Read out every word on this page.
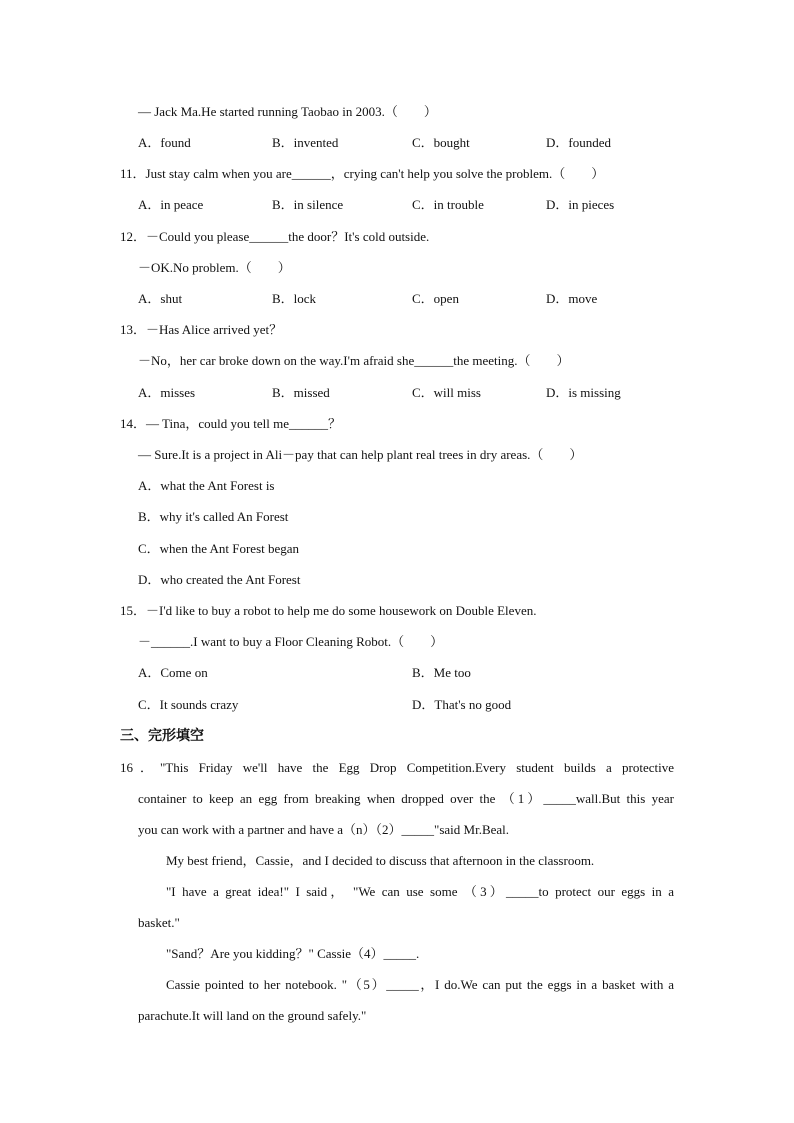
— Jack Ma.He started running Taobao in 2003.（　　）
A．found	B．invented	C．bought	D．founded
11．Just stay calm when you are______，crying can't help you solve the problem.（　　）
A．in peace	B．in silence	C．in trouble	D．in pieces
12．－Could you please______the door？It's cold outside.
－OK.No problem.（　　）
A．shut	B．lock	C．open	D．move
13．－Has Alice arrived yet？
－No，her car broke down on the way.I'm afraid she______the meeting.（　　）
A．misses	B．missed	C．will miss	D．is missing
14．— Tina，could you tell me______？
— Sure.It is a project in Ali－pay that can help plant real trees in dry areas.（　　）
A．what the Ant Forest is
B．why it's called An Forest
C．when the Ant Forest began
D．who created the Ant Forest
15．－I'd like to buy a robot to help me do some housework on Double Eleven.
－______.I want to buy a Floor Cleaning Robot.（　　）
A．Come on	B．Me too
C．It sounds crazy	D．That's no good
三、完形填空
16．"This Friday we'll have the Egg Drop Competition.Every student builds a protective
container to keep an egg from breaking when dropped over the （1）_____wall.But this year
you can work with a partner and have a（n）（2）_____"said Mr.Beal.
My best friend，Cassie，and I decided to discuss that afternoon in the classroom.
"I have a great idea!" I said， "We can use some （3）_____to protect our eggs in a
basket."
"Sand？Are you kidding？" Cassie（4）_____.
Cassie pointed to her notebook. "（5）_____，I do.We can put the eggs in a basket with a
parachute.It will land on the ground safely."
